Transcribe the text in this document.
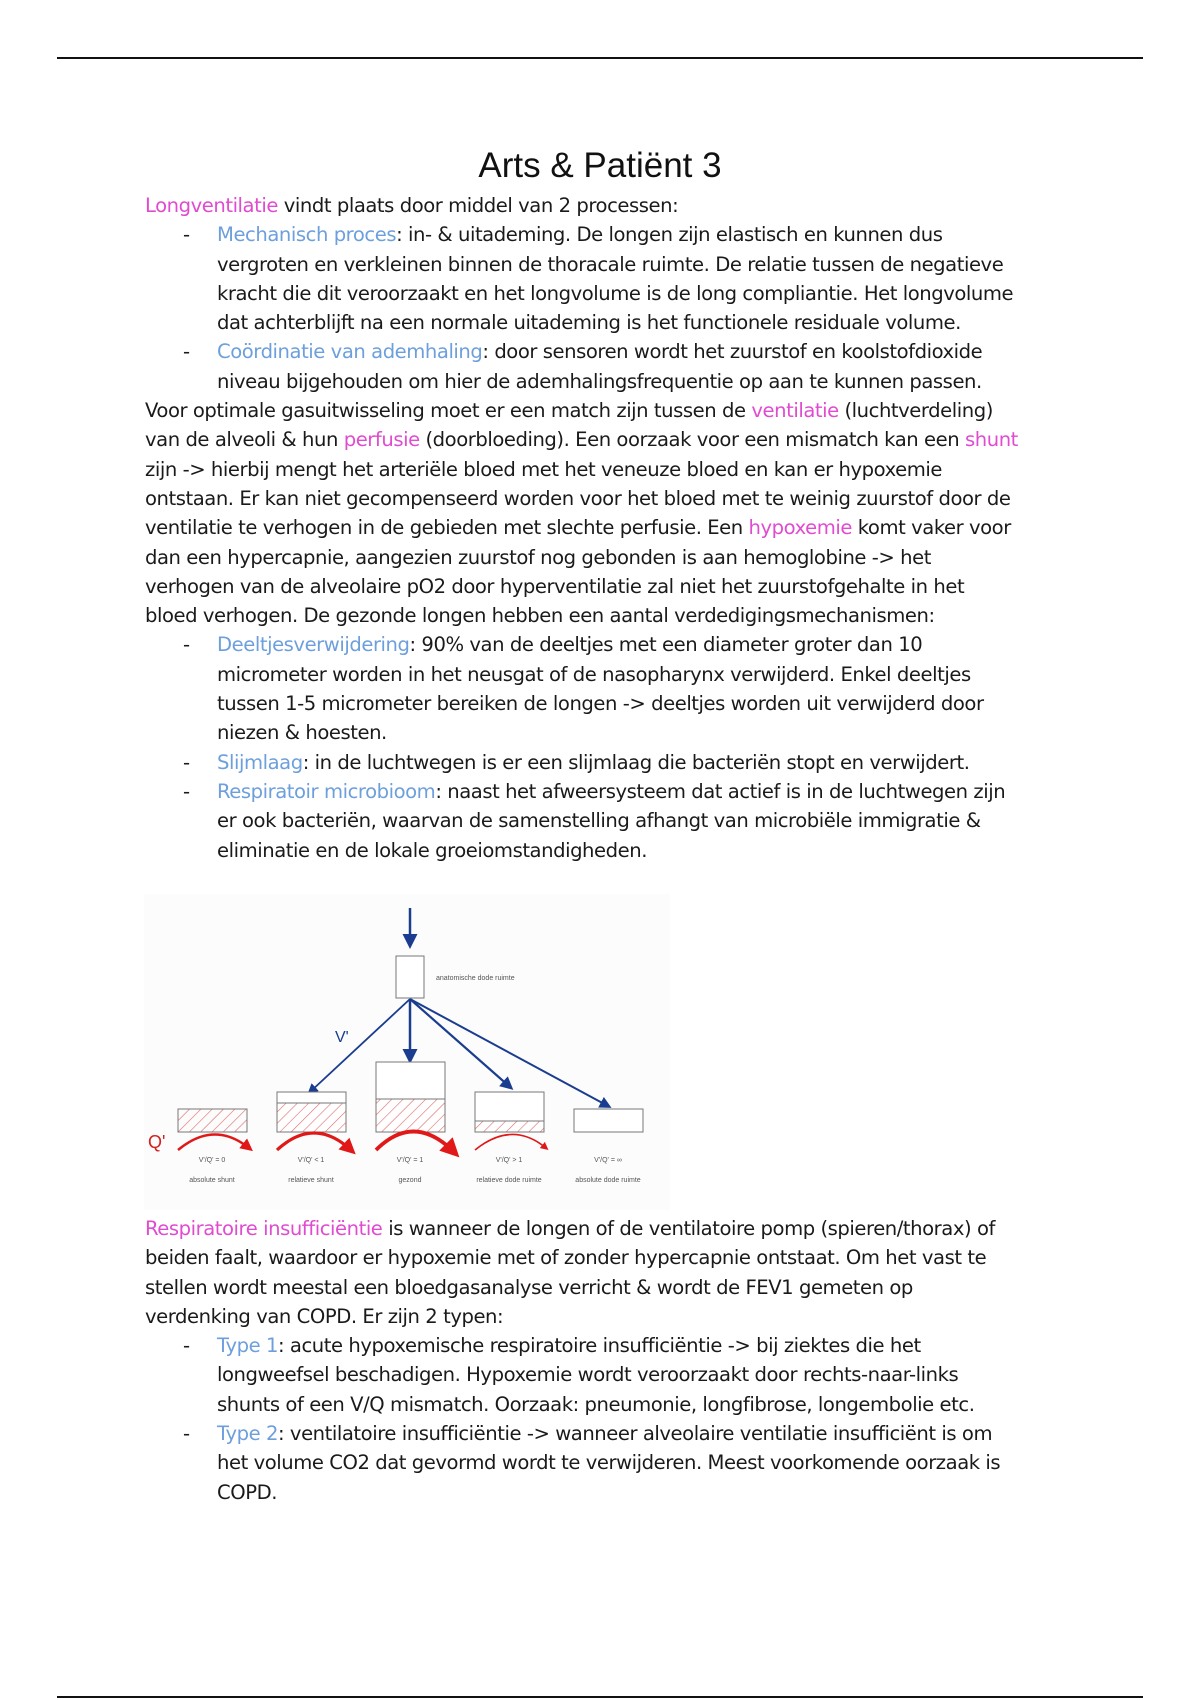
Arts & Patiënt 3
Longventilatie vindt plaats door middel van 2 processen:
- Mechanisch proces: in- & uitademing. De longen zijn elastisch en kunnen dus
vergroten en verkleinen binnen de thoracale ruimte. De relatie tussen de negatieve
kracht die dit veroorzaakt en het longvolume is de long compliantie. Het longvolume
dat achterblijft na een normale uitademing is het functionele residuale volume.
- Coördinatie van ademhaling: door sensoren wordt het zuurstof en koolstofdioxide
niveau bijgehouden om hier de ademhalingsfrequentie op aan te kunnen passen.
Voor optimale gasuitwisseling moet er een match zijn tussen de ventilatie (luchtverdeling)
van de alveoli & hun perfusie (doorbloeding). Een oorzaak voor een mismatch kan een shunt
zijn -> hierbij mengt het arteriële bloed met het veneuze bloed en kan er hypoxemie
ontstaan. Er kan niet gecompenseerd worden voor het bloed met te weinig zuurstof door de
ventilatie te verhogen in de gebieden met slechte perfusie. Een hypoxemie komt vaker voor
dan een hypercapnie, aangezien zuurstof nog gebonden is aan hemoglobine -> het
verhogen van de alveolaire pO2 door hyperventilatie zal niet het zuurstofgehalte in het
bloed verhogen. De gezonde longen hebben een aantal verdedigingsmechanismen:
- Deeltjesverwijdering: 90% van de deeltjes met een diameter groter dan 10
micrometer worden in het neusgat of de nasopharynx verwijderd. Enkel deeltjes
tussen 1-5 micrometer bereiken de longen -> deeltjes worden uit verwijderd door
niezen & hoesten.
- Slijmlaag: in de luchtwegen is er een slijmlaag die bacteriën stopt en verwijdert.
- Respiratoir microbioom: naast het afweersysteem dat actief is in de luchtwegen zijn
er ook bacteriën, waarvan de samenstelling afhangt van microbiële immigratie &
eliminatie en de lokale groeiomstandigheden.
anatomische dode ruimte
V'
Q'
V'/Q' = 0
absolute shunt
V'/Q' < 1
relatieve shunt
V'/Q' = 1
gezond
V'/Q' > 1
relatieve dode ruimte
V'/Q' = ∞
absolute dode ruimte
Respiratoire insufficiëntie is wanneer de longen of de ventilatoire pomp (spieren/thorax) of
beiden faalt, waardoor er hypoxemie met of zonder hypercapnie ontstaat. Om het vast te
stellen wordt meestal een bloedgasanalyse verricht & wordt de FEV1 gemeten op
verdenking van COPD. Er zijn 2 typen:
- Type 1: acute hypoxemische respiratoire insufficiëntie -> bij ziektes die het
longweefsel beschadigen. Hypoxemie wordt veroorzaakt door rechts-naar-links
shunts of een V/Q mismatch. Oorzaak: pneumonie, longfibrose, longembolie etc.
- Type 2: ventilatoire insufficiëntie -> wanneer alveolaire ventilatie insufficiënt is om
het volume CO2 dat gevormd wordt te verwijderen. Meest voorkomende oorzaak is
COPD.
